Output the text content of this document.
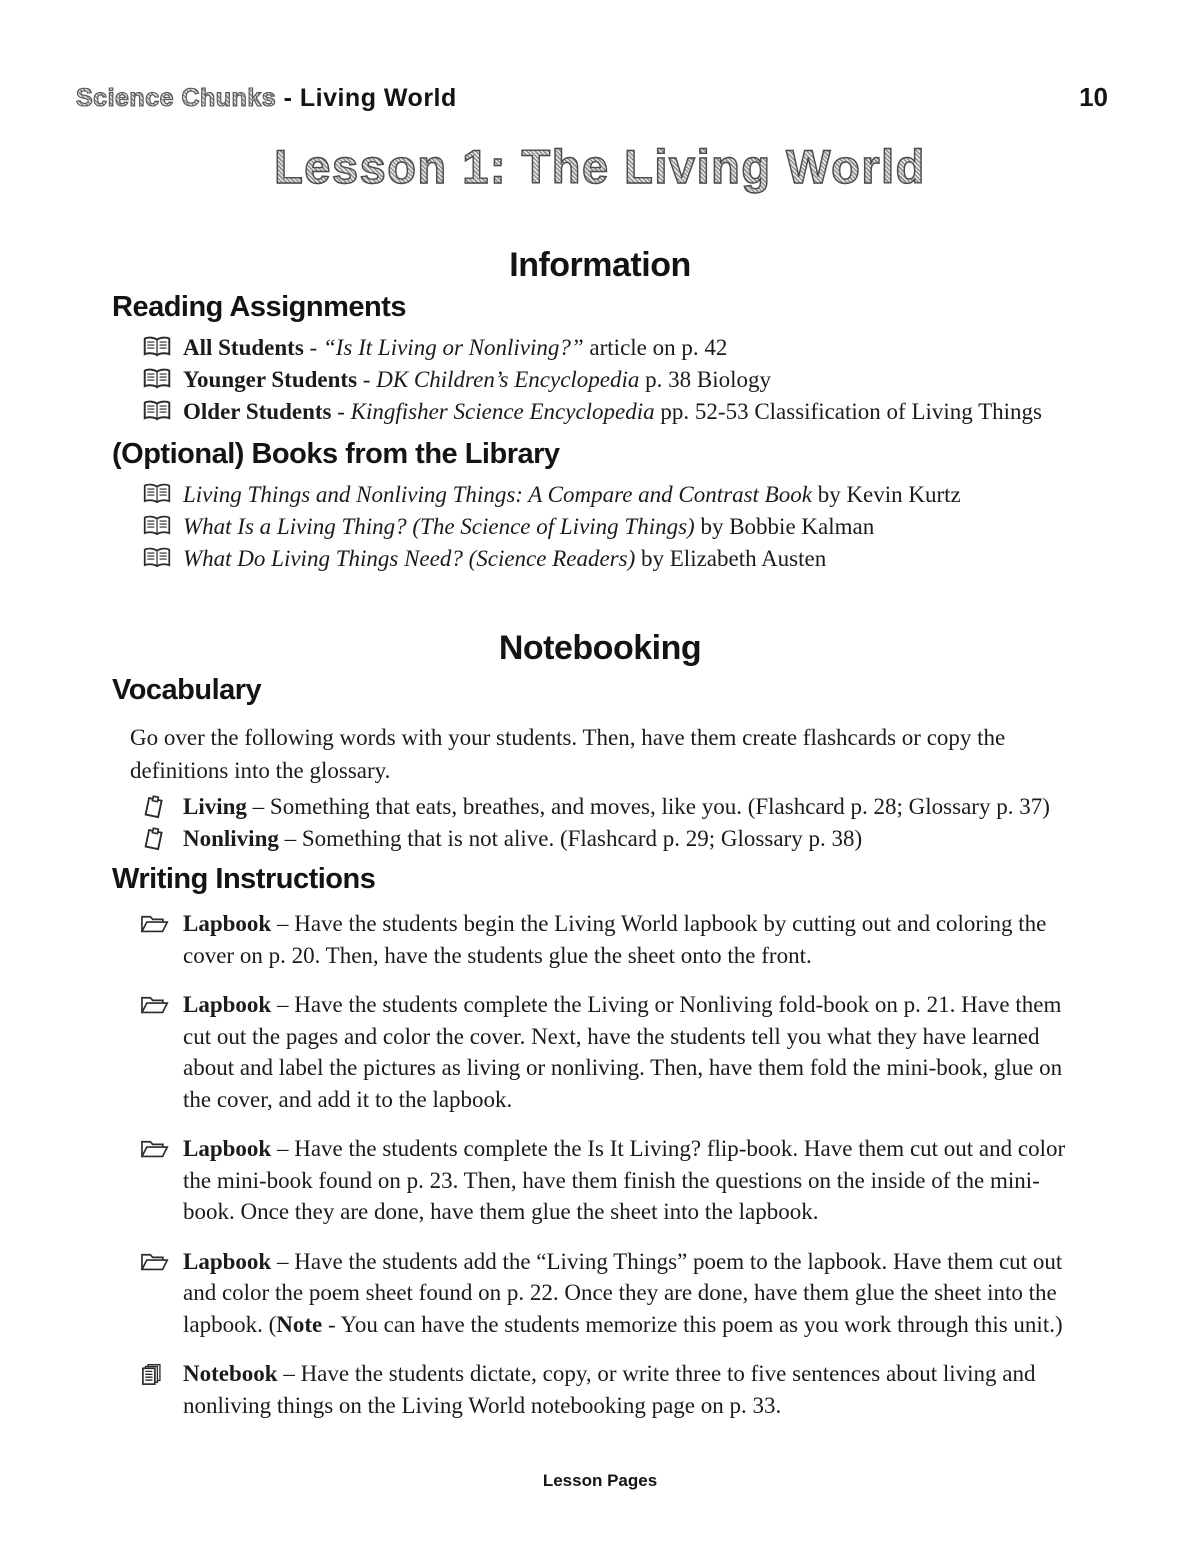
Science Chunks - Living World	10
Lesson 1: The Living World
Information
Reading Assignments

All Students - “Is It Living or Nonliving?” article on p. 42

Younger Students - DK Children’s Encyclopedia p. 38 Biology

Older Students - Kingfisher Science Encyclopedia pp. 52-53 Classification of Living Things

(Optional) Books from the Library

Living Things and Nonliving Things: A Compare and Contrast Book by Kevin Kurtz

What Is a Living Thing? (The Science of Living Things) by Bobbie Kalman

What Do Living Things Need? (Science Readers) by Elizabeth Austen

Notebooking
Vocabulary

Go over the following words with your students. Then, have them create flashcards or copy the definitions into the glossary.

Living – Something that eats, breathes, and moves, like you. (Flashcard p. 28; Glossary p. 37)

Nonliving – Something that is not alive. (Flashcard p. 29; Glossary p. 38)

Writing Instructions

Lapbook – Have the students begin the Living World lapbook by cutting out and coloring the cover on p. 20. Then, have the students glue the sheet onto the front.

Lapbook – Have the students complete the Living or Nonliving fold-book on p. 21. Have them cut out the pages and color the cover. Next, have the students tell you what they have learned about and label the pictures as living or nonliving. Then, have them fold the mini-book, glue on the cover, and add it to the lapbook.

Lapbook – Have the students complete the Is It Living? flip-book. Have them cut out and color the mini-book found on p. 23. Then, have them finish the questions on the inside of the mini-book. Once they are done, have them glue the sheet into the lapbook.

Lapbook – Have the students add the “Living Things” poem to the lapbook. Have them cut out and color the poem sheet found on p. 22. Once they are done, have them glue the sheet into the lapbook. (Note - You can have the students memorize this poem as you work through this unit.)

Notebook – Have the students dictate, copy, or write three to five sentences about living and nonliving things on the Living World notebooking page on p. 33.

Lesson Pages
